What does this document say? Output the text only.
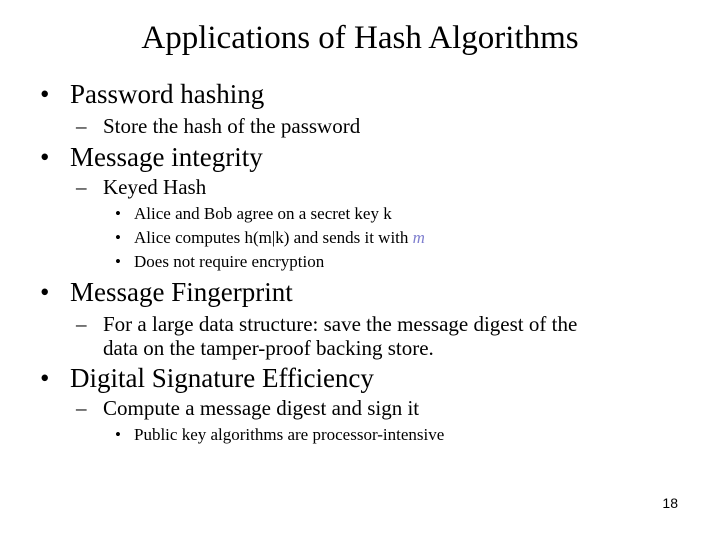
Applications of Hash Algorithms
• Password hashing
– Store the hash of the password
• Message integrity
– Keyed Hash
• Alice and Bob agree on a secret key k
• Alice computes h(m|k) and sends it with m
• Does not require encryption
• Message Fingerprint
– For a large data structure: save the message digest of the
data on the tamper-proof backing store.
• Digital Signature Efficiency
– Compute a message digest and sign it
• Public key algorithms are processor-intensive
18
